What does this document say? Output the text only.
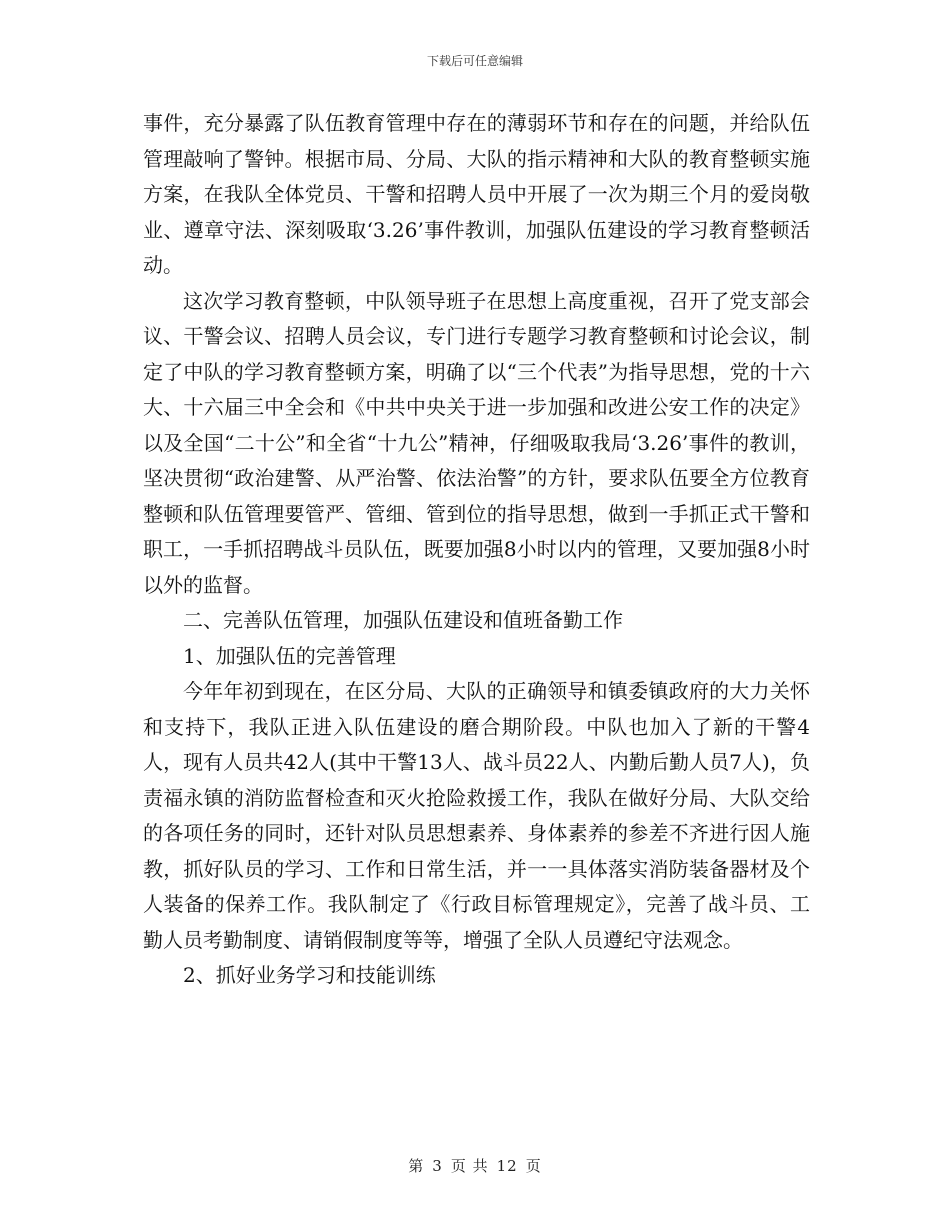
下载后可任意编辑

事件，充分暴露了队伍教育管理中存在的薄弱环节和存在的问题，并给队伍管理敲响了警钟。根据市局、分局、大队的指示精神和大队的教育整顿实施方案，在我队全体党员、干警和招聘人员中开展了一次为期三个月的爱岗敬业、遵章守法、深刻吸取‘3.26’事件教训，加强队伍建设的学习教育整顿活动。

这次学习教育整顿，中队领导班子在思想上高度重视，召开了党支部会议、干警会议、招聘人员会议，专门进行专题学习教育整顿和讨论会议，制定了中队的学习教育整顿方案，明确了以“三个代表”为指导思想，党的十六大、十六届三中全会和《中共中央关于进一步加强和改进公安工作的决定》以及全国“二十公”和全省“十九公”精神，仔细吸取我局‘3.26’事件的教训，坚决贯彻“政治建警、从严治警、依法治警”的方针，要求队伍要全方位教育整顿和队伍管理要管严、管细、管到位的指导思想，做到一手抓正式干警和职工，一手抓招聘战斗员队伍，既要加强8小时以内的管理，又要加强8小时以外的监督。

二、完善队伍管理，加强队伍建设和值班备勤工作

1、加强队伍的完善管理

今年年初到现在，在区分局、大队的正确领导和镇委镇政府的大力关怀和支持下，我队正进入队伍建设的磨合期阶段。中队也加入了新的干警4人，现有人员共42人(其中干警13人、战斗员22人、内勤后勤人员7人)，负责福永镇的消防监督检查和灭火抢险救援工作，我队在做好分局、大队交给的各项任务的同时，还针对队员思想素养、身体素养的参差不齐进行因人施教，抓好队员的学习、工作和日常生活，并一一具体落实消防装备器材及个人装备的保养工作。我队制定了《行政目标管理规定》，完善了战斗员、工勤人员考勤制度、请销假制度等等，增强了全队人员遵纪守法观念。

2、抓好业务学习和技能训练

第 3 页 共 12 页
